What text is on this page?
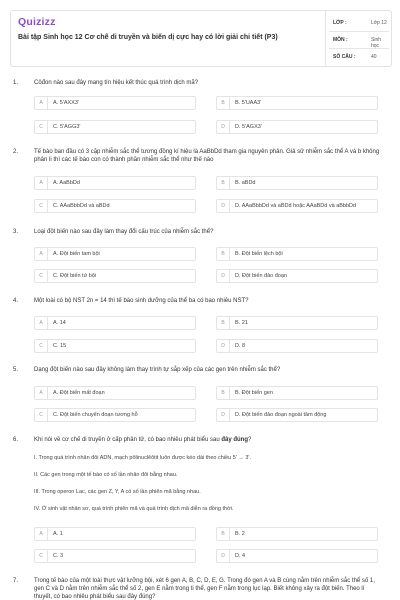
Quizizz
Bài tập Sinh học 12 Cơ chế di truyền và biến dị cực hay có lời giải chi tiết (P3)
LỚP :	Lớp 12
MÔN :	Sinh học
SỐ CÂU :	40
1.	Côđon nào sau đây mang tín hiệu kết thúc quá trình dịch mã?
A	A. 5'AXX3'	B	B. 5'UAA3'
C	C. 5'AGG3'	D	D. 5'AGX3'
2.	Tế bào ban đầu có 3 cặp nhiễm sắc thể tương đồng kí hiệu là AaBbDd tham gia nguyên phân. Giả sử nhiễm sắc thể A và b không phân li thì các tế bào con có thành phần nhiễm sắc thể như thế nào
A	A. AaBbDd	B	B. aBDd
C	C. AAaBbbDd và aBDd	D	D. AAaBbbDd và aBDd hoặc AAaBDd và aBbbDd
3.	Loại đột biến nào sau đây làm thay đổi cấu trúc của nhiễm sắc thể?
A	A. Đột biến tam bội	B	B. Đột biến lệch bội
C	C. Đột biến tứ bội	D	D. Đột biến đảo đoạn
4.	Một loài có bộ NST 2n = 14 thì tế bào sinh dưỡng của thể ba có bao nhiêu NST?
A	A. 14	B	B. 21
C	C. 15	D	D. 8
5.	Dạng đột biến nào sau đây không làm thay trình tự sắp xếp của các gen trên nhiễm sắc thể?
A	A. Đột biến mất đoạn	B	B. Đột biến gen
C	C. Đột biến chuyển đoạn tương hỗ	D	D. Đột biến đảo đoạn ngoài tâm động
6.	Khi nói về cơ chế di truyền ở cấp phân tử, có bao nhiêu phát biểu sau đây đúng?
I. Trong quá trình nhân đôi ADN, mạch pôlinuclêôtit luôn được kéo dài theo chiều 5' → 3'.
II. Các gen trong một tế bào có số lần nhân đôi bằng nhau.
III. Trong operon Lac, các gen Z, Y, A có số lần phiên mã bằng nhau.
IV. Ở sinh vật nhân sơ, quá trình phiên mã và quá trình dịch mã diễn ra đồng thời.
A	A. 1	B	B. 2
C	C. 3	D	D. 4
7.	Trong tế bào của một loài thực vật lưỡng bội, xét 6 gen A, B, C, D, E, G. Trong đó gen A và B cùng nằm trên nhiễm sắc thể số 1, gen C và D nằm trên nhiễm sắc thể số 2, gen E nằm trong ti thể, gen F nằm trong lục lạp. Biết không xảy ra đột biến. Theo lí thuyết, có bao nhiêu phát biểu sau đây đúng?
